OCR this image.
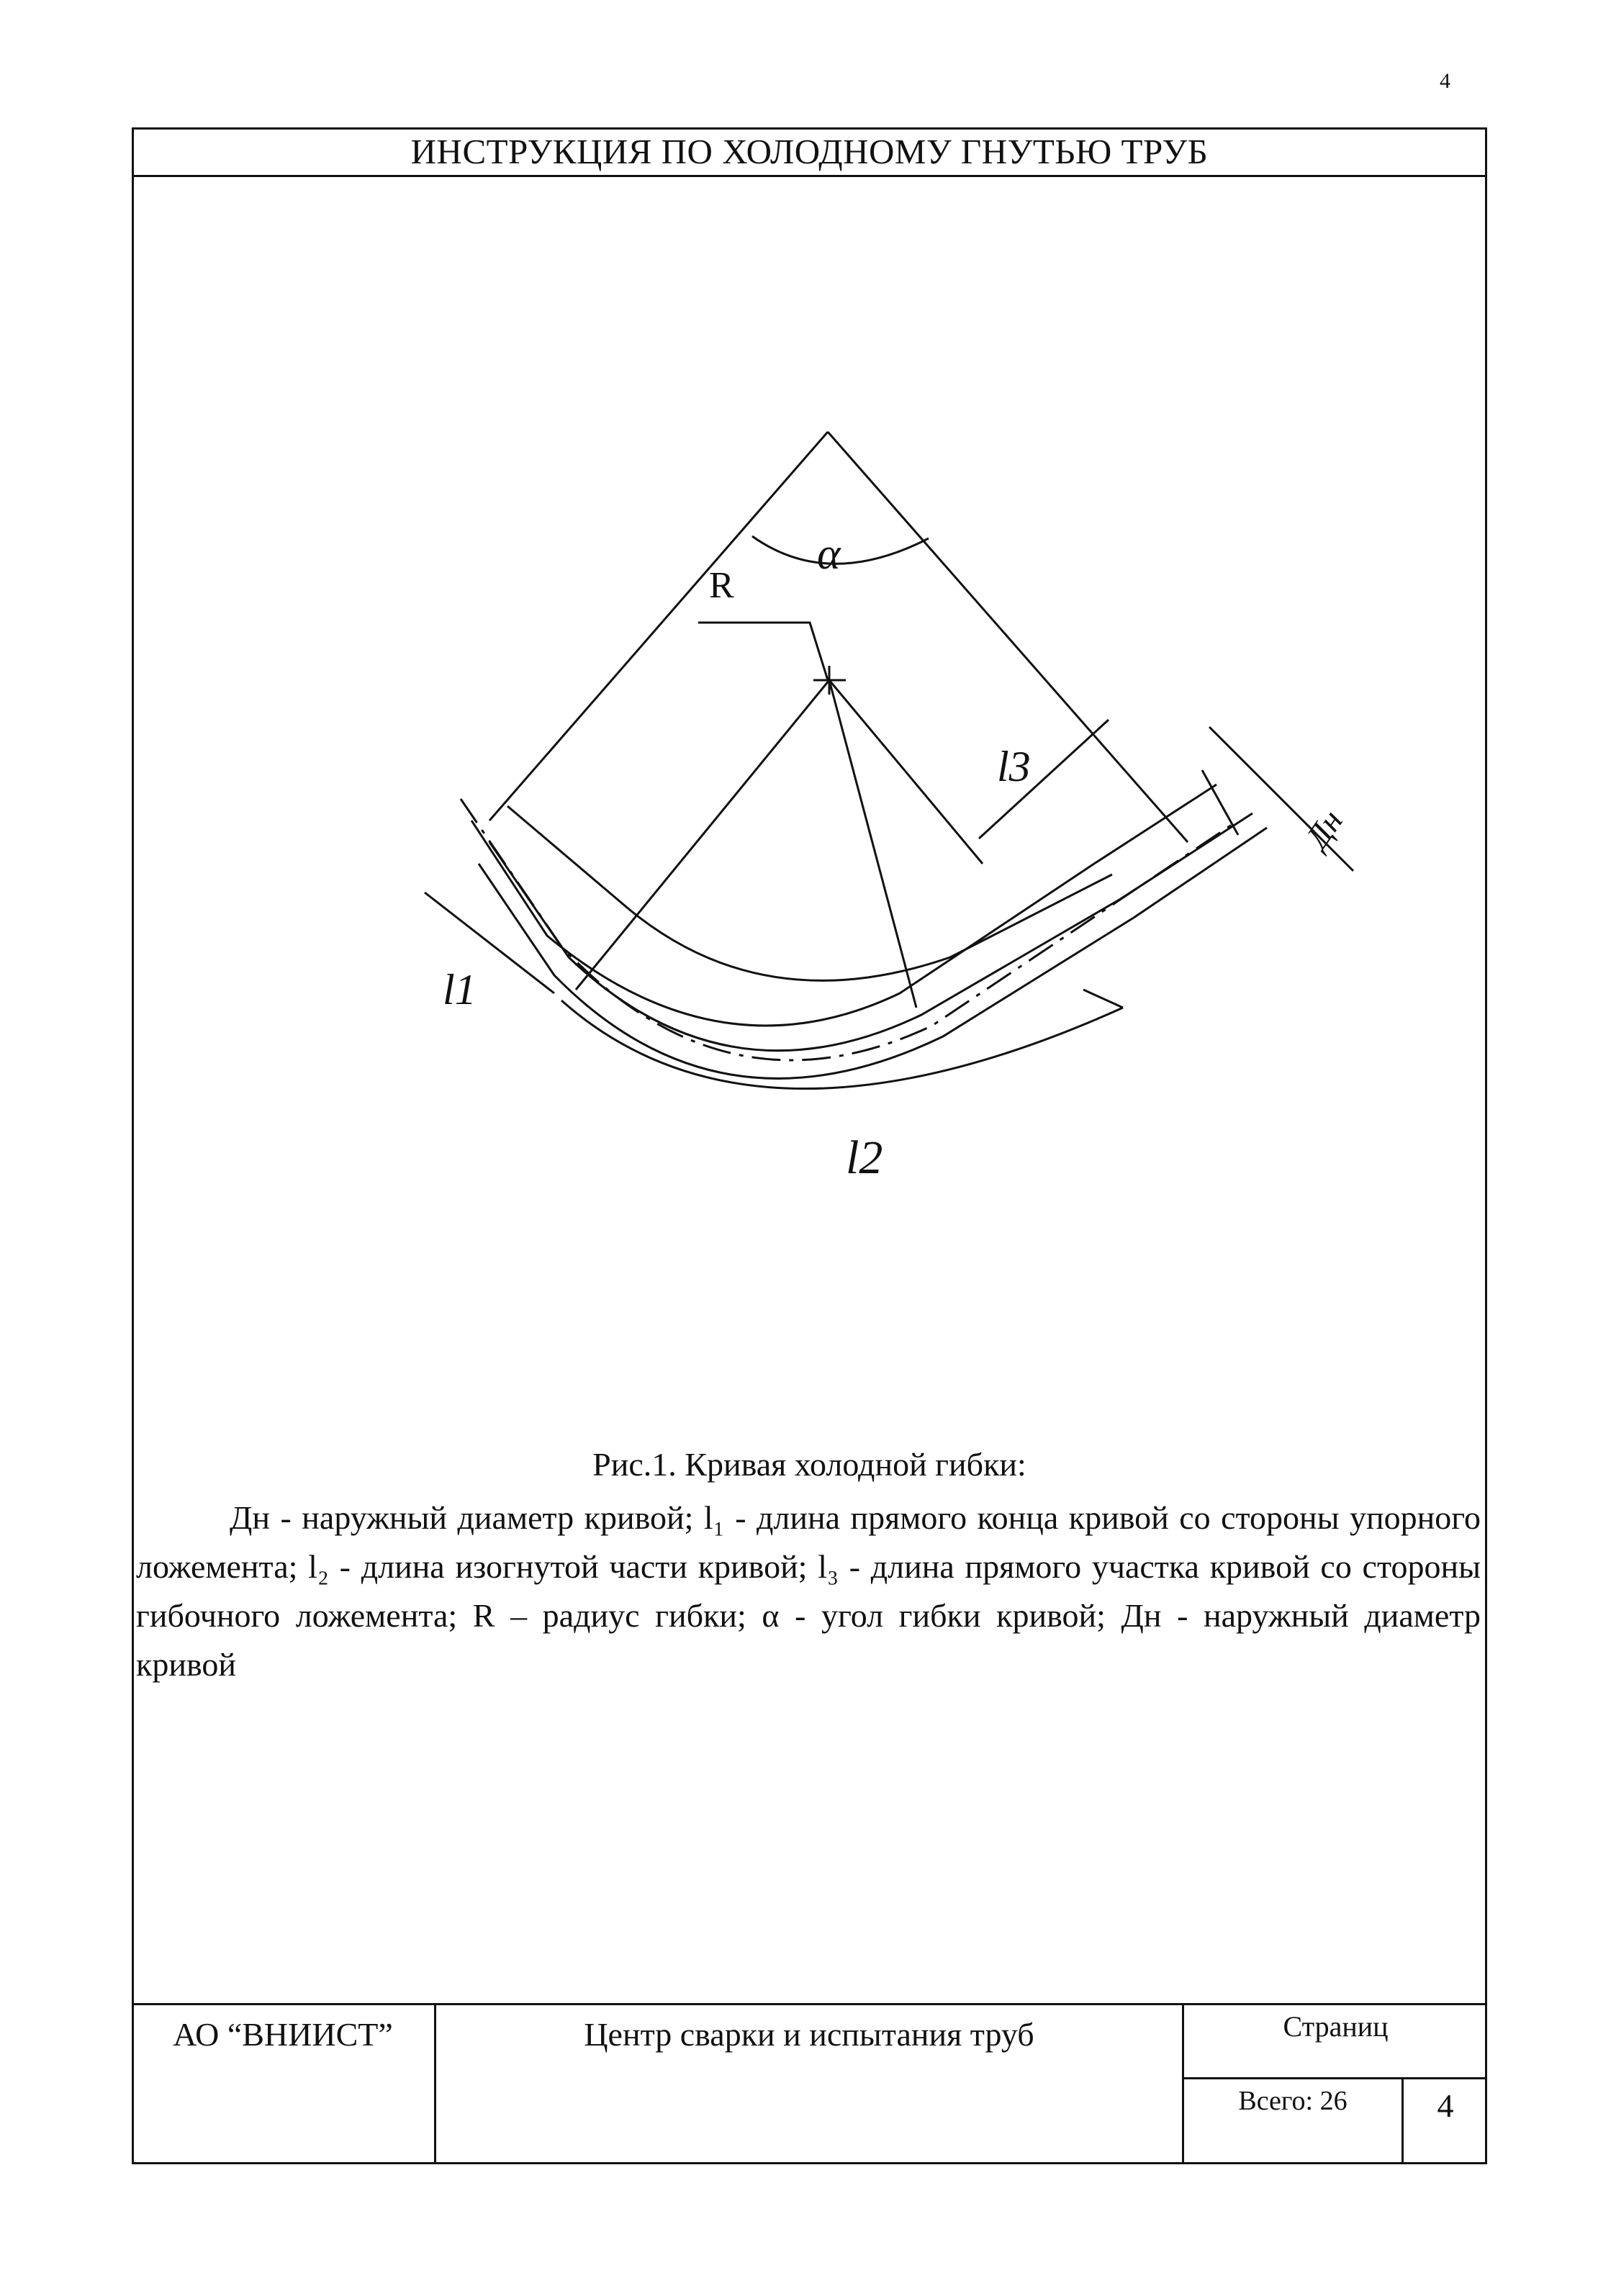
4
ИНСТРУКЦИЯ ПО ХОЛОДНОМУ ГНУТЬЮ ТРУБ
α
R
l1
l2
l3
Дн
Рис.1. Кривая холодной гибки:

Дн - наружный диаметр кривой; l₁ - длина прямого конца кривой со стороны упорного ложемента; l₂ - длина изогнутой части кривой; l₃ - длина прямого участка кривой со стороны гибочного ложемента; R – радиус гибки; α - угол гибки кривой; Дн - наружный диаметр кривой

АО “ВНИИСТ”	Центр сварки и испытания труб	Страниц	
		Всего: 26	4
